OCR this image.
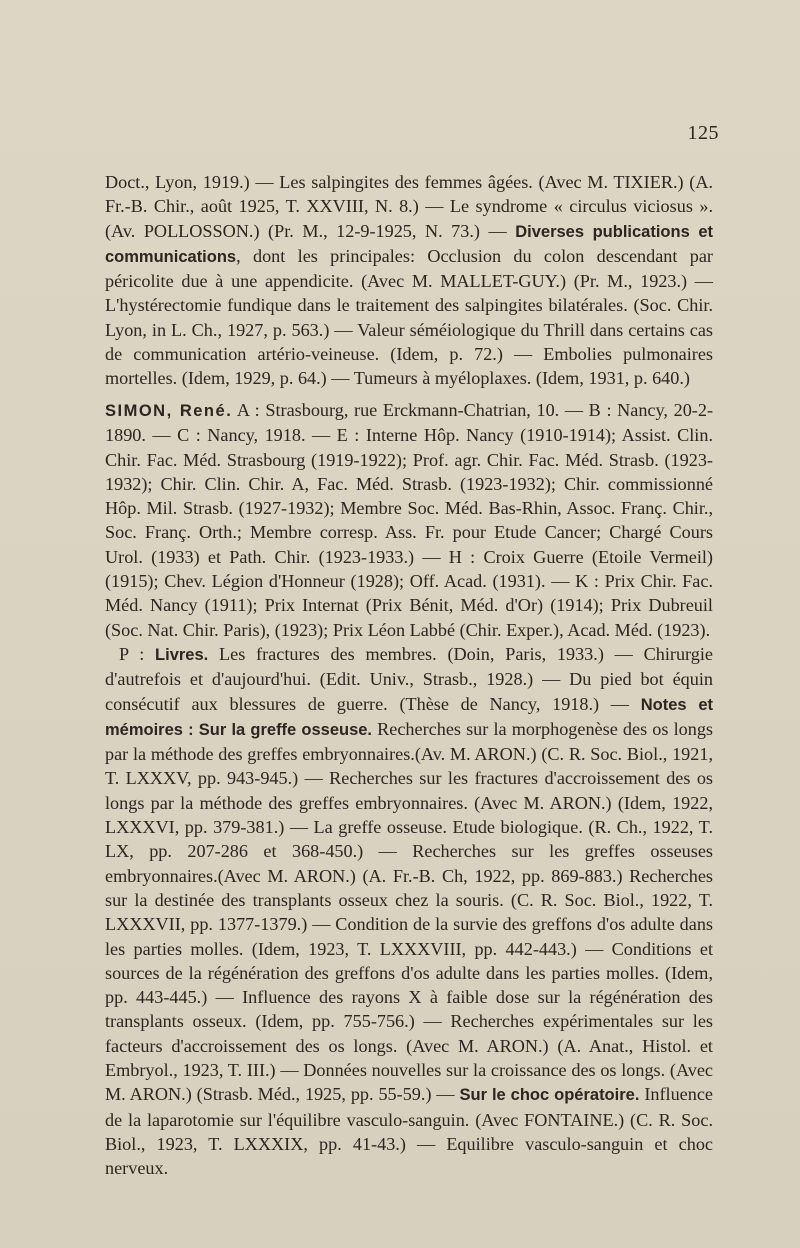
125

Doct., Lyon, 1919.) — Les salpingites des femmes âgées. (Avec M. TIXIER.) (A. Fr.-B. Chir., août 1925, T. XXVIII, N. 8.) — Le syndrome « circulus viciosus ». (Av. POLLOSSON.) (Pr. M., 12-9-1925, N. 73.) — Diverses publications et communications, dont les principales: Occlusion du colon descendant par péricolite due à une appendicite. (Avec M. MALLET-GUY.) (Pr. M., 1923.) — L'hystérectomie fundique dans le traitement des salpingites bilatérales. (Soc. Chir. Lyon, in L. Ch., 1927, p. 563.) — Valeur séméiologique du Thrill dans certains cas de communication artério-veineuse. (Idem, p. 72.) — Embolies pulmonaires mortelles. (Idem, 1929, p. 64.) — Tumeurs à myéloplaxes. (Idem, 1931, p. 640.)

SIMON, René. A : Strasbourg, rue Erckmann-Chatrian, 10. — B : Nancy, 20-2-1890. — C : Nancy, 1918. — E : Interne Hôp. Nancy (1910-1914); Assist. Clin. Chir. Fac. Méd. Strasbourg (1919-1922); Prof. agr. Chir. Fac. Méd. Strasb. (1923-1932); Chir. Clin. Chir. A, Fac. Méd. Strasb. (1923-1932); Chir. commissionné Hôp. Mil. Strasb. (1927-1932); Membre Soc. Méd. Bas-Rhin, Assoc. Franç. Chir., Soc. Franç. Orth.; Membre corresp. Ass. Fr. pour Etude Cancer; Chargé Cours Urol. (1933) et Path. Chir. (1923-1933.) — H : Croix Guerre (Etoile Vermeil) (1915); Chev. Légion d'Honneur (1928); Off. Acad. (1931). — K : Prix Chir. Fac. Méd. Nancy (1911); Prix Internat (Prix Bénit, Méd. d'Or) (1914); Prix Dubreuil (Soc. Nat. Chir. Paris), (1923); Prix Léon Labbé (Chir. Exper.), Acad. Méd. (1923).

P : Livres. Les fractures des membres. (Doin, Paris, 1933.) — Chirurgie d'autrefois et d'aujourd'hui. (Edit. Univ., Strasb., 1928.) — Du pied bot équin consécutif aux blessures de guerre. (Thèse de Nancy, 1918.) — Notes et mémoires : Sur la greffe osseuse. Recherches sur la morphogenèse des os longs par la méthode des greffes embryonnaires.(Av. M. ARON.) (C. R. Soc. Biol., 1921, T. LXXXV, pp. 943-945.) — Recherches sur les fractures d'accroissement des os longs par la méthode des greffes embryonnaires. (Avec M. ARON.) (Idem, 1922, LXXXVI, pp. 379-381.) — La greffe osseuse. Etude biologique. (R. Ch., 1922, T. LX, pp. 207-286 et 368-450.) — Recherches sur les greffes osseuses embryonnaires.(Avec M. ARON.) (A. Fr.-B. Ch, 1922, pp. 869-883.) Recherches sur la destinée des transplants osseux chez la souris. (C. R. Soc. Biol., 1922, T. LXXXVII, pp. 1377-1379.) — Condition de la survie des greffons d'os adulte dans les parties molles. (Idem, 1923, T. LXXXVIII, pp. 442-443.) — Conditions et sources de la régénération des greffons d'os adulte dans les parties molles. (Idem, pp. 443-445.) — Influence des rayons X à faible dose sur la régénération des transplants osseux. (Idem, pp. 755-756.) — Recherches expérimentales sur les facteurs d'accroissement des os longs. (Avec M. ARON.) (A. Anat., Histol. et Embryol., 1923, T. III.) — Données nouvelles sur la croissance des os longs. (Avec M. ARON.) (Strasb. Méd., 1925, pp. 55-59.) — Sur le choc opératoire. Influence de la laparotomie sur l'équilibre vasculo-sanguin. (Avec FONTAINE.) (C. R. Soc. Biol., 1923, T. LXXXIX, pp. 41-43.) — Equilibre vasculo-sanguin et choc nerveux.
